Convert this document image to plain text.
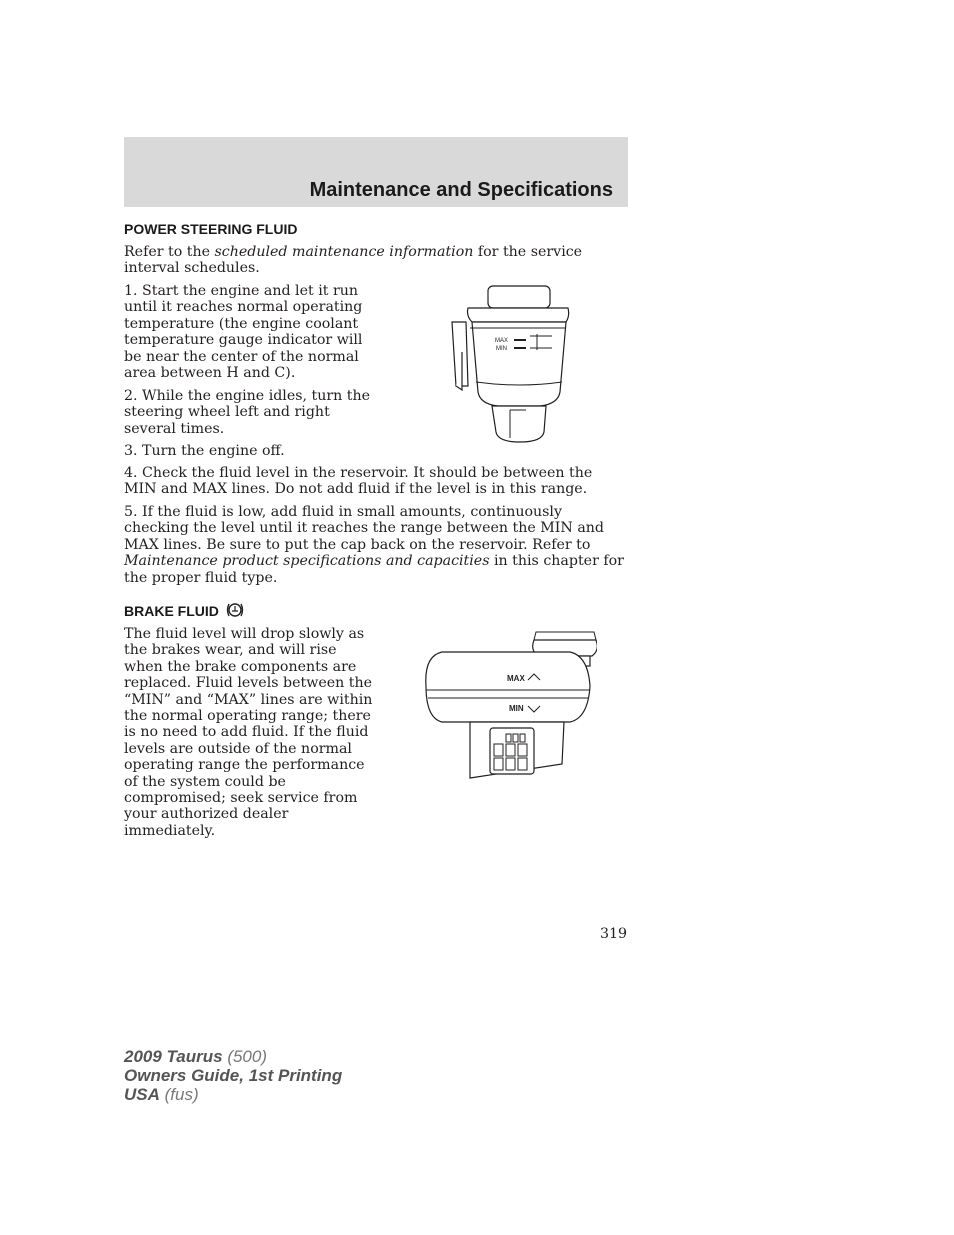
Maintenance and Specifications
POWER STEERING FLUID

Refer to the scheduled maintenance information for the service interval schedules.

1. Start the engine and let it run until it reaches normal operating temperature (the engine coolant temperature gauge indicator will be near the center of the normal area between H and C).

2. While the engine idles, turn the steering wheel left and right several times.

3. Turn the engine off.

4. Check the fluid level in the reservoir. It should be between the MIN and MAX lines. Do not add fluid if the level is in this range.

5. If the fluid is low, add fluid in small amounts, continuously checking the level until it reaches the range between the MIN and MAX lines. Be sure to put the cap back on the reservoir. Refer to Maintenance product specifications and capacities in this chapter for the proper fluid type.

MAX
MIN
BRAKE FLUID

The fluid level will drop slowly as the brakes wear, and will rise when the brake components are replaced. Fluid levels between the “MIN” and “MAX” lines are within the normal operating range; there is no need to add fluid. If the fluid levels are outside of the normal operating range the performance of the system could be compromised; seek service from your authorized dealer immediately.

MAX
MIN
319
2009 Taurus (500)
Owners Guide, 1st Printing
USA (fus)
